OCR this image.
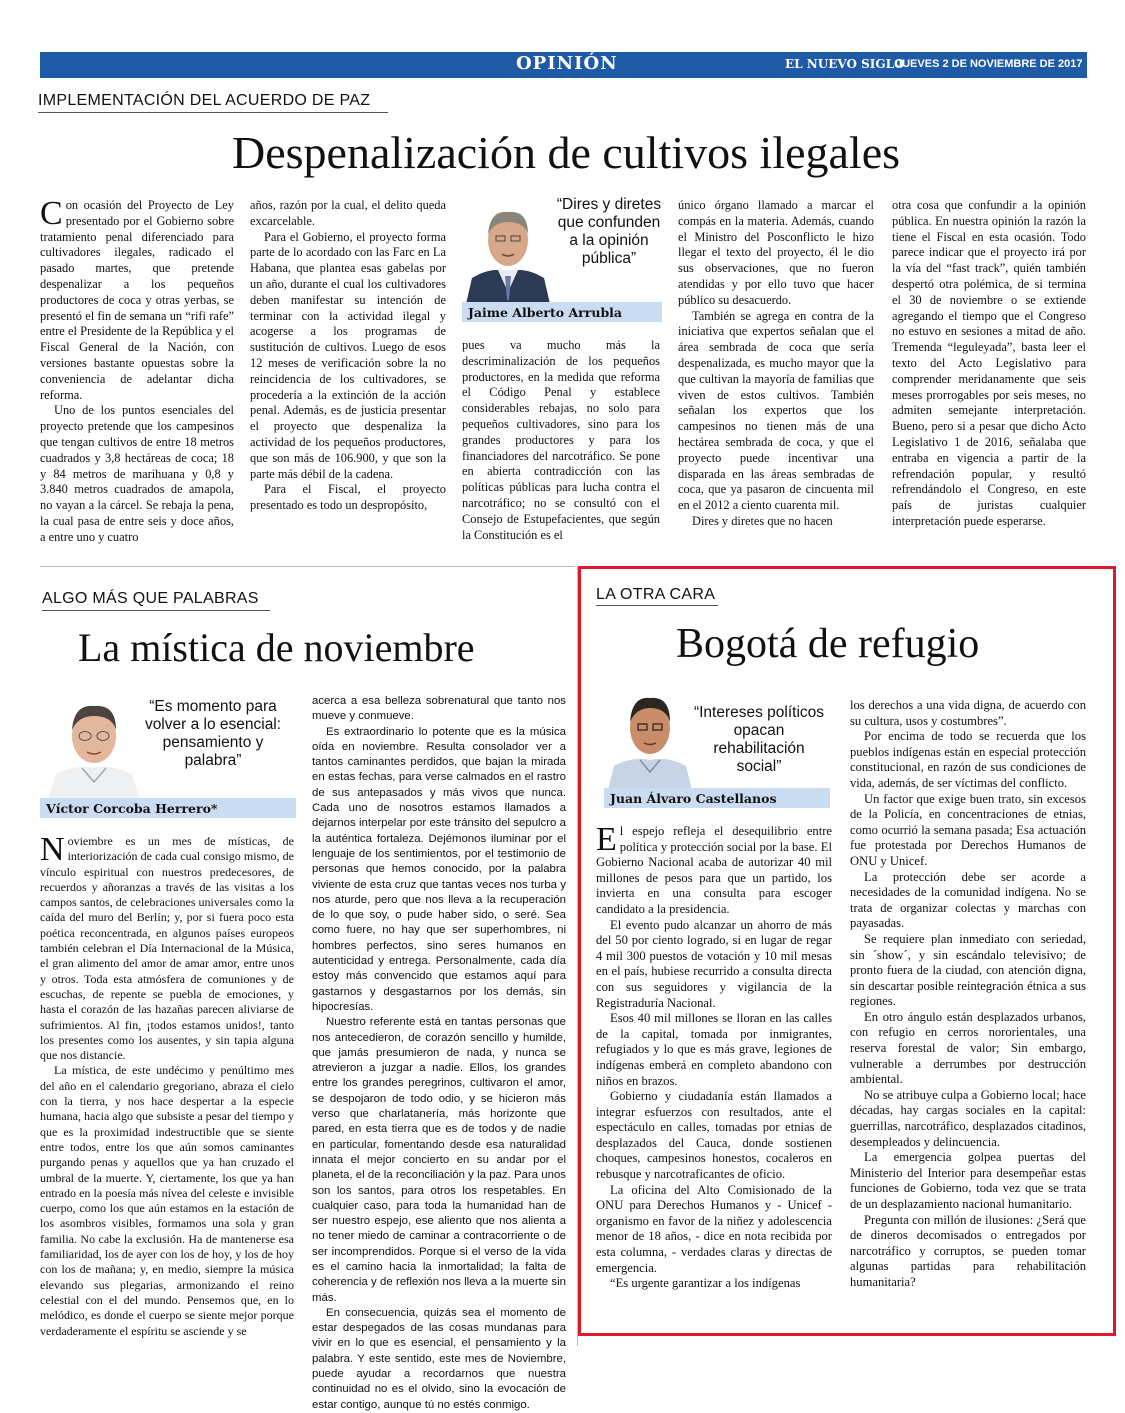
OPINIÓN	EL NUEVO SIGLO
JUEVES 2 DE NOVIEMBRE DE 2017 9A
IMPLEMENTACIÓN DEL ACUERDO DE PAZ
Despenalización de cultivos ilegales

Con ocasión del Proyecto de Ley presentado por el Gobierno sobre tratamiento penal diferenciado para cultivadores ilegales, radicado el pasado martes, que pretende despenalizar a los pequeños productores de coca y otras yerbas, se presentó el fin de semana un “rifi rafe” entre el Presidente de la República y el Fiscal General de la Nación, con versiones bastante opuestas sobre la conveniencia de adelantar dicha reforma.

Uno de los puntos esenciales del proyecto pretende que los campesinos que tengan cultivos de entre 18 metros cuadrados y 3,8 hectáreas de coca; 18 y 84 metros de marihuana y 0,8 y 3.840 metros cuadrados de amapola, no vayan a la cárcel. Se rebaja la pena, la cual pasa de entre seis y doce años, a entre uno y cuatro

años, razón por la cual, el delito queda excarcelable.

Para el Gobierno, el proyecto forma parte de lo acordado con las Farc en La Habana, que plantea esas gabelas por un año, durante el cual los cultivadores deben manifestar su intención de terminar con la actividad ilegal y acogerse a los programas de sustitución de cultivos. Luego de esos 12 meses de verificación sobre la no reincidencia de los cultivadores, se procedería a la extinción de la acción penal. Además, es de justicia presentar el proyecto que despenaliza la actividad de los pequeños productores, que son más de 106.900, y que son la parte más débil de la cadena.

Para el Fiscal, el proyecto presentado es todo un despropósito,

“Dires y diretes que confunden a la opinión pública”
Jaime Alberto Arrubla

pues va mucho más la descriminalización de los pequeños productores, en la medida que reforma el Código Penal y establece considerables rebajas, no solo para pequeños cultivadores, sino para los grandes productores y para los financiadores del narcotráfico. Se pone en abierta contradicción con las políticas públicas para lucha contra el narcotráfico; no se consultó con el Consejo de Estupefacientes, que según la Constitución es el

único órgano llamado a marcar el compás en la materia. Además, cuando el Ministro del Posconflicto le hizo llegar el texto del proyecto, él le dio sus observaciones, que no fueron atendidas y por ello tuvo que hacer público su desacuerdo.

También se agrega en contra de la iniciativa que expertos señalan que el área sembrada de coca que sería despenalizada, es mucho mayor que la que cultivan la mayoría de familias que viven de estos cultivos. También señalan los expertos que los campesinos no tienen más de una hectárea sembrada de coca, y que el proyecto puede incentivar una disparada en las áreas sembradas de coca, que ya pasaron de cincuenta mil en el 2012 a ciento cuarenta mil.

Dires y diretes que no hacen

otra cosa que confundir a la opinión pública. En nuestra opinión la razón la tiene el Fiscal en esta ocasión. Todo parece indicar que el proyecto irá por la vía del “fast track”, quién también despertó otra polémica, de si termina el 30 de noviembre o se extiende agregando el tiempo que el Congreso no estuvo en sesiones a mitad de año. Tremenda “leguleyada”, basta leer el texto del Acto Legislativo para comprender meridanamente que seis meses prorrogables por seis meses, no admiten semejante interpretación. Bueno, pero si a pesar que dicho Acto Legislativo 1 de 2016, señalaba que entraba en vigencia a partir de la refrendación popular, y resultó refrendándolo el Congreso, en este país de juristas cualquier interpretación puede esperarse.

ALGO MÁS QUE PALABRAS
La mística de noviembre
“Es momento para volver a lo esencial: pensamiento y palabra”
Víctor Corcoba Herrero*

Noviembre es un mes de místicas, de interiorización de cada cual consigo mismo, de vínculo espiritual con nuestros predecesores, de recuerdos y añoranzas a través de las visitas a los campos santos, de celebraciones universales como la caída del muro del Berlín; y, por si fuera poco esta poética reconcentrada, en algunos países europeos también celebran el Día Internacional de la Música, el gran alimento del amor de amar amor, entre unos y otros. Toda esta atmósfera de comuniones y de escuchas, de repente se puebla de emociones, y hasta el corazón de las hazañas parecen aliviarse de sufrimientos. Al fin, ¡todos estamos unidos!, tanto los presentes como los ausentes, y sin tapia alguna que nos distancie.

La mística, de este undécimo y penúltimo mes del año en el calendario gregoriano, abraza el cielo con la tierra, y nos hace despertar a la especie humana, hacia algo que subsiste a pesar del tiempo y que es la proximidad indestructible que se siente entre todos, entre los que aún somos caminantes purgando penas y aquellos que ya han cruzado el umbral de la muerte. Y, ciertamente, los que ya han entrado en la poesía más nívea del celeste e invisible cuerpo, como los que aún estamos en la estación de los asombros visibles, formamos una sola y gran familia. No cabe la exclusión. Ha de mantenerse esa familiaridad, los de ayer con los de hoy, y los de hoy con los de mañana; y, en medio, siempre la música elevando sus plegarias, armonizando el reino celestial con el del mundo. Pensemos que, en lo melódico, es donde el cuerpo se siente mejor porque verdaderamente el espíritu se asciende y se

acerca a esa belleza sobrenatural que tanto nos mueve y conmueve.

Es extraordinario lo potente que es la música oída en noviembre. Resulta consolador ver a tantos caminantes perdidos, que bajan la mirada en estas fechas, para verse calmados en el rastro de sus antepasados y más vivos que nunca. Cada uno de nosotros estamos llamados a dejarnos interpelar por este tránsito del sepulcro a la auténtica fortaleza. Dejémonos iluminar por el lenguaje de los sentimientos, por el testimonio de personas que hemos conocido, por la palabra viviente de esta cruz que tantas veces nos turba y nos aturde, pero que nos lleva a la recuperación de lo que soy, o pude haber sido, o seré. Sea como fuere, no hay que ser superhombres, ni hombres perfectos, sino seres humanos en autenticidad y entrega. Personalmente, cada día estoy más convencido que estamos aquí para gastarnos y desgastarnos por los demás, sin hipocresías.

Nuestro referente está en tantas personas que nos antecedieron, de corazón sencillo y humilde, que jamás presumieron de nada, y nunca se atrevieron a juzgar a nadie. Ellos, los grandes entre los grandes peregrinos, cultivaron el amor, se despojaron de todo odio, y se hicieron más verso que charlatanería, más horizonte que pared, en esta tierra que es de todos y de nadie en particular, fomentando desde esa naturalidad innata el mejor concierto en su andar por el planeta, el de la reconciliación y la paz. Para unos son los santos, para otros los respetables. En cualquier caso, para toda la humanidad han de ser nuestro espejo, ese aliento que nos alienta a no tener miedo de caminar a contracorriente o de ser incomprendidos. Porque si el verso de la vida es el camino hacia la inmortalidad; la falta de coherencia y de reflexión nos lleva a la muerte sin más.

En consecuencia, quizás sea el momento de estar despegados de las cosas mundanas para vivir en lo que es esencial, el pensamiento y la palabra. Y este sentido, este mes de Noviembre, puede ayudar a recordarnos que nuestra continuidad no es el olvido, sino la evocación de estar contigo, aunque tú no estés conmigo.

LA OTRA CARA
Bogotá de refugio
“Intereses políticos opacan rehabilitación social”
Juan Álvaro Castellanos

El espejo refleja el desequilibrio entre política y protección social por la base. El Gobierno Nacional acaba de autorizar 40 mil millones de pesos para que un partido, los invierta en una consulta para escoger candidato a la presidencia.

El evento pudo alcanzar un ahorro de más del 50 por ciento logrado, si en lugar de regar 4 mil 300 puestos de votación y 10 mil mesas en el país, hubiese recurrido a consulta directa con sus seguidores y vigilancia de la Registraduría Nacional.

Esos 40 mil millones se lloran en las calles de la capital, tomada por inmigrantes, refugiados y lo que es más grave, legiones de indígenas emberá en completo abandono con niños en brazos.

Gobierno y ciudadanía están llamados a integrar esfuerzos con resultados, ante el espectáculo en calles, tomadas por etnias de desplazados del Cauca, donde sostienen choques, campesinos honestos, cocaleros en rebusque y narcotraficantes de oficio.

La oficina del Alto Comisionado de la ONU para Derechos Humanos y - Unicef - organismo en favor de la niñez y adolescencia menor de 18 años, - dice en nota recibida por esta columna, - verdades claras y directas de emergencia.

“Es urgente garantizar a los indígenas

los derechos a una vida digna, de acuerdo con su cultura, usos y costumbres”.

Por encima de todo se recuerda que los pueblos indígenas están en especial protección constitucional, en razón de sus condiciones de vida, además, de ser víctimas del conflicto.

Un factor que exige buen trato, sin excesos de la Policía, en concentraciones de etnias, como ocurrió la semana pasada; Esa actuación fue protestada por Derechos Humanos de ONU y Unicef.

La protección debe ser acorde a necesidades de la comunidad indígena. No se trata de organizar colectas y marchas con payasadas.

Se requiere plan inmediato con seriedad, sin ´show´, y sin escándalo televisivo; de pronto fuera de la ciudad, con atención digna, sin descartar posible reintegración étnica a sus regiones.

En otro ángulo están desplazados urbanos, con refugio en cerros nororientales, una reserva forestal de valor; Sin embargo, vulnerable a derrumbes por destrucción ambiental.

No se atribuye culpa a Gobierno local; hace décadas, hay cargas sociales en la capital: guerrillas, narcotráfico, desplazados citadinos, desempleados y delincuencia.

La emergencia golpea puertas del Ministerio del Interior para desempeñar estas funciones de Gobierno, toda vez que se trata de un desplazamiento nacional humanitario.

Pregunta con millón de ilusiones: ¿Será que de dineros decomisados o entregados por narcotráfico y corruptos, se pueden tomar algunas partidas para rehabilitación humanitaria?
